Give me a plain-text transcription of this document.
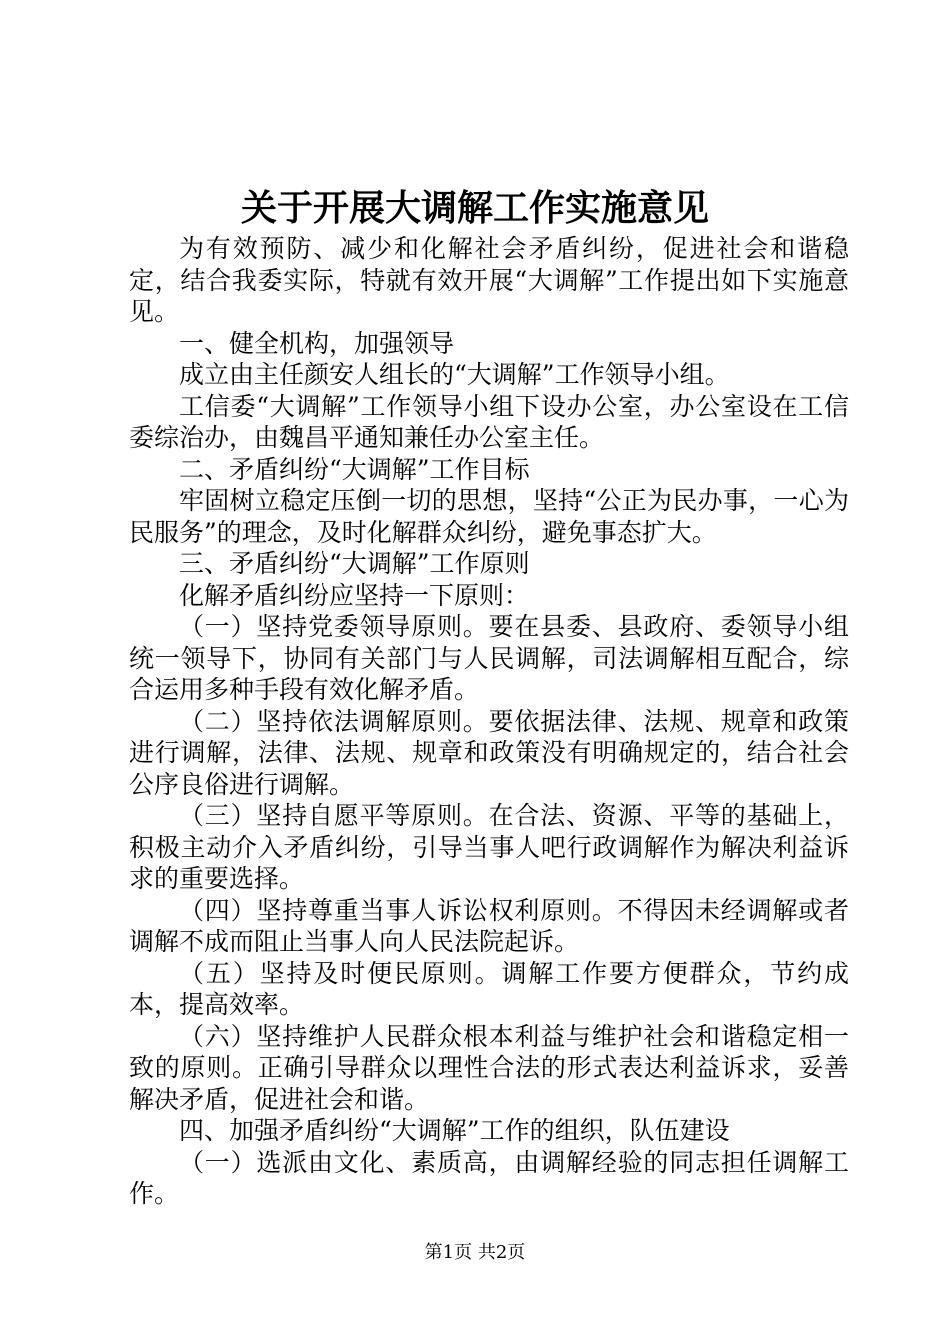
关于开展大调解工作实施意见

为有效预防、减少和化解社会矛盾纠纷，促进社会和谐稳定，结合我委实际，特就有效开展“大调解”工作提出如下实施意见。

一、健全机构，加强领导

成立由主任颜安人组长的“大调解”工作领导小组。

工信委“大调解”工作领导小组下设办公室，办公室设在工信委综治办，由魏昌平通知兼任办公室主任。

二、矛盾纠纷“大调解”工作目标

牢固树立稳定压倒一切的思想，坚持“公正为民办事，一心为民服务”的理念，及时化解群众纠纷，避免事态扩大。

三、矛盾纠纷“大调解”工作原则

化解矛盾纠纷应坚持一下原则：

（一）坚持党委领导原则。要在县委、县政府、委领导小组统一领导下，协同有关部门与人民调解，司法调解相互配合，综合运用多种手段有效化解矛盾。

（二）坚持依法调解原则。要依据法律、法规、规章和政策进行调解，法律、法规、规章和政策没有明确规定的，结合社会公序良俗进行调解。

（三）坚持自愿平等原则。在合法、资源、平等的基础上，积极主动介入矛盾纠纷，引导当事人吧行政调解作为解决利益诉求的重要选择。

（四）坚持尊重当事人诉讼权利原则。不得因未经调解或者调解不成而阻止当事人向人民法院起诉。

（五）坚持及时便民原则。调解工作要方便群众，节约成本，提高效率。

（六）坚持维护人民群众根本利益与维护社会和谐稳定相一致的原则。正确引导群众以理性合法的形式表达利益诉求，妥善解决矛盾，促进社会和谐。

四、加强矛盾纠纷“大调解”工作的组织，队伍建设

（一）选派由文化、素质高，由调解经验的同志担任调解工作。

第1页 共2页
